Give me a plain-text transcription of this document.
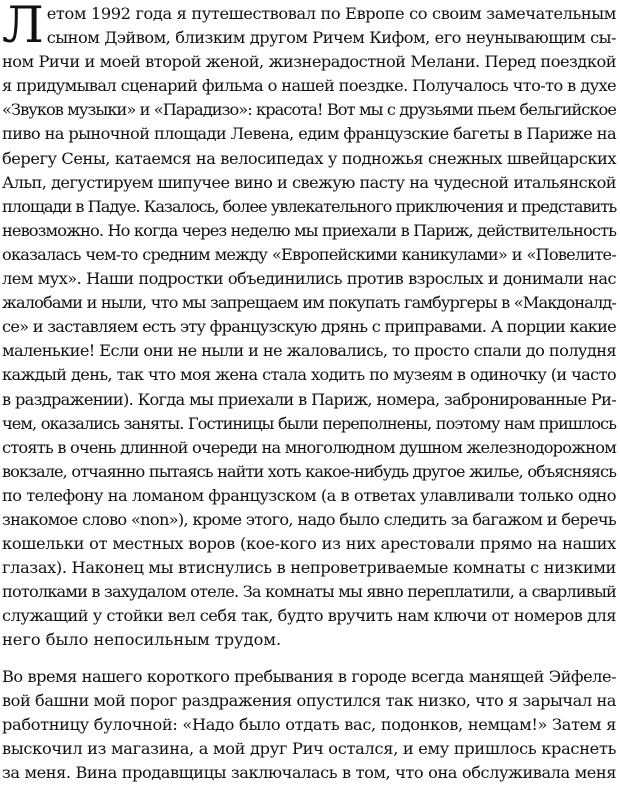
Л етом 1992 года я путешествовал по Европе со своим замечательным
сыном Дэйвом, близким другом Ричем Кифом, его неунывающим сы-
ном Ричи и моей второй женой, жизнерадостной Мелани. Перед поездкой
я придумывал сценарий фильма о нашей поездке. Получалось что-то в духе
«Звуков музыки» и «Парадизо»: красота! Вот мы с друзьями пьем бельгийское
пиво на рыночной площади Левена, едим французские багеты в Париже на
берегу Сены, катаемся на велосипедах у подножья снежных швейцарских
Альп, дегустируем шипучее вино и свежую пасту на чудесной итальянской
площади в Падуе. Казалось, более увлекательного приключения и представить
невозможно. Но когда через неделю мы приехали в Париж, действительность
оказалась чем-то средним между «Европейскими каникулами» и «Повелите-
лем мух». Наши подростки объединились против взрослых и донимали нас
жалобами и ныли, что мы запрещаем им покупать гамбургеры в «Макдоналд-
се» и заставляем есть эту французскую дрянь с приправами. А порции какие
маленькие! Если они не ныли и не жаловались, то просто спали до полудня
каждый день, так что моя жена стала ходить по музеям в одиночку (и часто
в раздражении). Когда мы приехали в Париж, номера, забронированные Ри-
чем, оказались заняты. Гостиницы были переполнены, поэтому нам пришлось
стоять в очень длинной очереди на многолюдном душном железнодорожном
вокзале, отчаянно пытаясь найти хоть какое-нибудь другое жилье, объясняясь
по телефону на ломаном французском (а в ответах улавливали только одно
знакомое слово «non»), кроме этого, надо было следить за багажом и беречь
кошельки от местных воров (кое-кого из них арестовали прямо на наших
глазах). Наконец мы втиснулись в непроветриваемые комнаты с низкими
потолками в захудалом отеле. За комнаты мы явно переплатили, а сварливый
служащий у стойки вел себя так, будто вручить нам ключи от номеров для
него было непосильным трудом.
Во время нашего короткого пребывания в городе всегда манящей Эйфеле-
вой башни мой порог раздражения опустился так низко, что я зарычал на
работницу булочной: «Надо было отдать вас, подонков, немцам!» Затем я
выскочил из магазина, а мой друг Рич остался, и ему пришлось краснеть
за меня. Вина продавщицы заключалась в том, что она обслуживала меня
